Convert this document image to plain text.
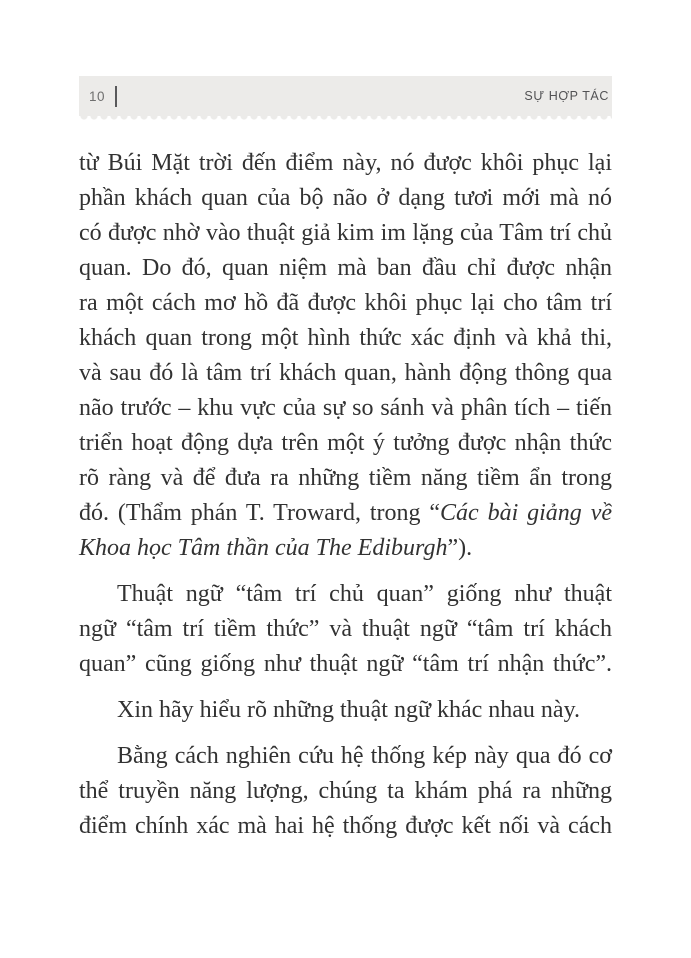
10	SỰ HỢP TÁC
từ Búi Mặt trời đến điểm này, nó được khôi phục lại
phần khách quan của bộ não ở dạng tươi mới mà nó
có được nhờ vào thuật giả kim im lặng của Tâm trí chủ
quan. Do đó, quan niệm mà ban đầu chỉ được nhận
ra một cách mơ hồ đã được khôi phục lại cho tâm trí
khách quan trong một hình thức xác định và khả thi,
và sau đó là tâm trí khách quan, hành động thông qua
não trước – khu vực của sự so sánh và phân tích – tiến
triển hoạt động dựa trên một ý tưởng được nhận thức
rõ ràng và để đưa ra những tiềm năng tiềm ẩn trong
đó. (Thẩm phán T. Troward, trong “Các bài giảng về
Khoa học Tâm thần của The Ediburgh”).
Thuật ngữ “tâm trí chủ quan” giống như thuật
ngữ “tâm trí tiềm thức” và thuật ngữ “tâm trí khách
quan” cũng giống như thuật ngữ “tâm trí nhận thức”.
Xin hãy hiểu rõ những thuật ngữ khác nhau này.
Bằng cách nghiên cứu hệ thống kép này qua đó cơ
thể truyền năng lượng, chúng ta khám phá ra những
điểm chính xác mà hai hệ thống được kết nối và cách
